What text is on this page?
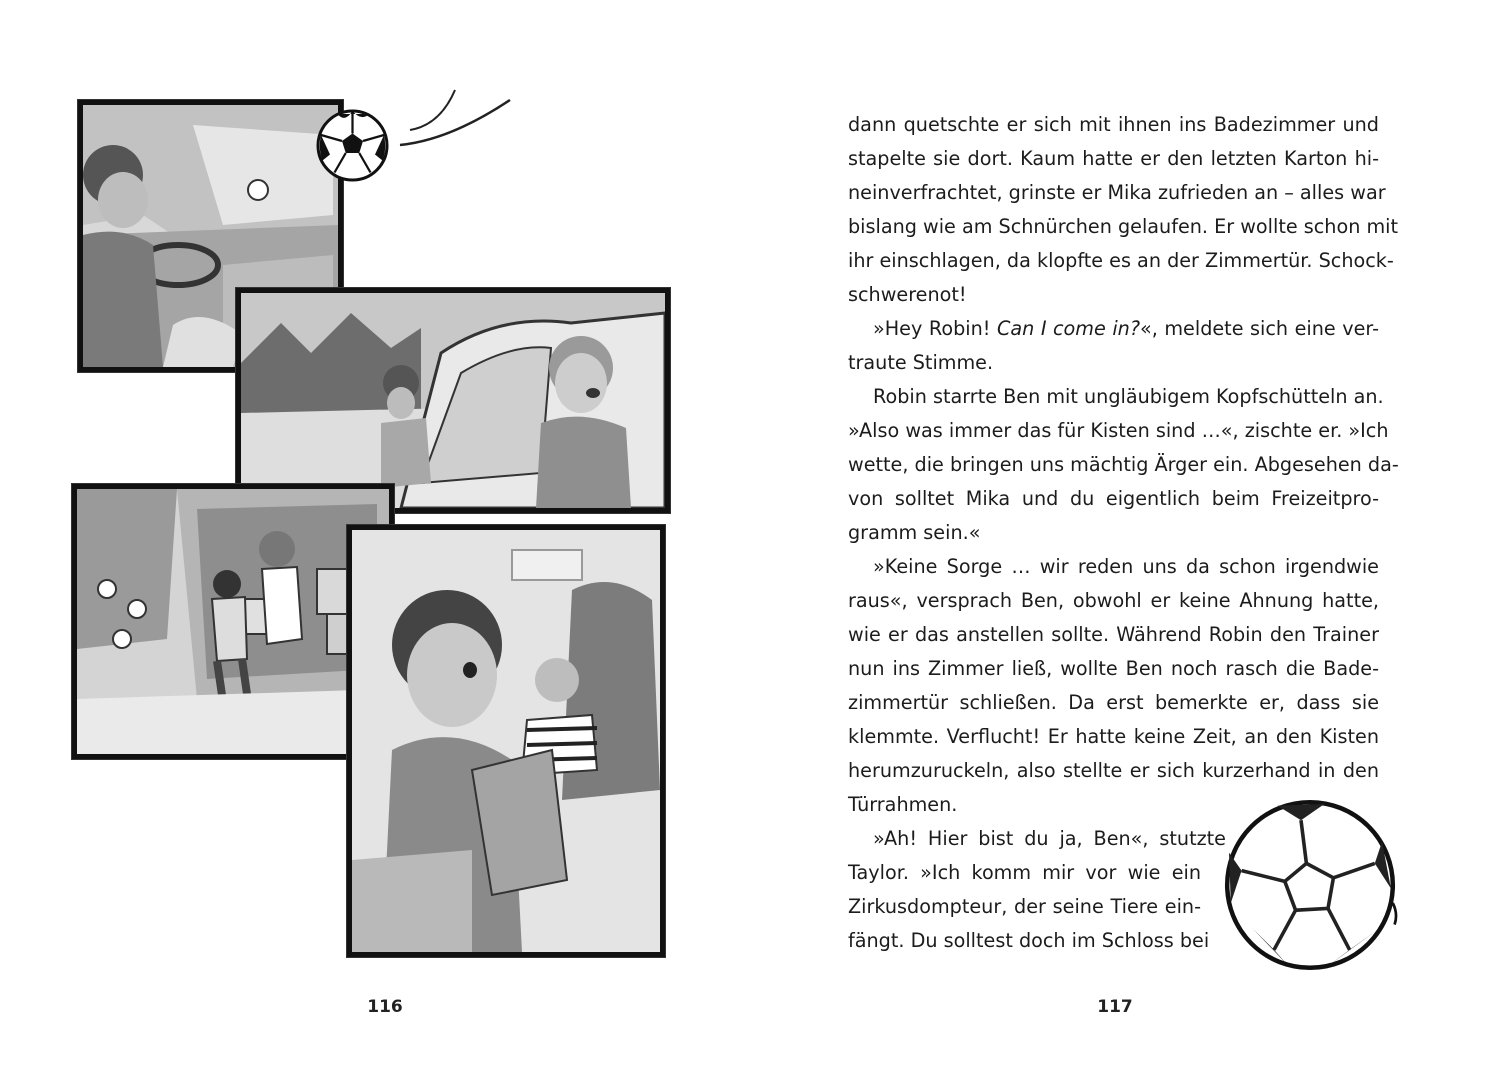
116
dann quetschte er sich mit ihnen ins Badezimmer und
stapelte sie dort. Kaum hatte er den letzten Karton hi-
neinverfrachtet, grinste er Mika zufrieden an – alles war
bislang wie am Schnürchen gelaufen. Er wollte schon mit
ihr einschlagen, da klopfte es an der Zimmertür. Schock-
schwerenot!
»Hey Robin! Can I come in?«, meldete sich eine ver-
traute Stimme.
Robin starrte Ben mit ungläubigem Kopfschütteln an.
»Also was immer das für Kisten sind …«, zischte er. »Ich
wette, die bringen uns mächtig Ärger ein. Abgesehen da-
von solltet Mika und du eigentlich beim Freizeitpro-
gramm sein.«
»Keine Sorge … wir reden uns da schon irgendwie
raus«, versprach Ben, obwohl er keine Ahnung hatte,
wie er das anstellen sollte. Während Robin den Trainer
nun ins Zimmer ließ, wollte Ben noch rasch die Bade-
zimmertür schließen. Da erst bemerkte er, dass sie
klemmte. Verflucht! Er hatte keine Zeit, an den Kisten
herumzuruckeln, also stellte er sich kurzerhand in den
Türrahmen.
»Ah! Hier bist du ja, Ben«, stutzte
Taylor. »Ich komm mir vor wie ein
Zirkusdompteur, der seine Tiere ein-
fängt. Du solltest doch im Schloss bei
117
